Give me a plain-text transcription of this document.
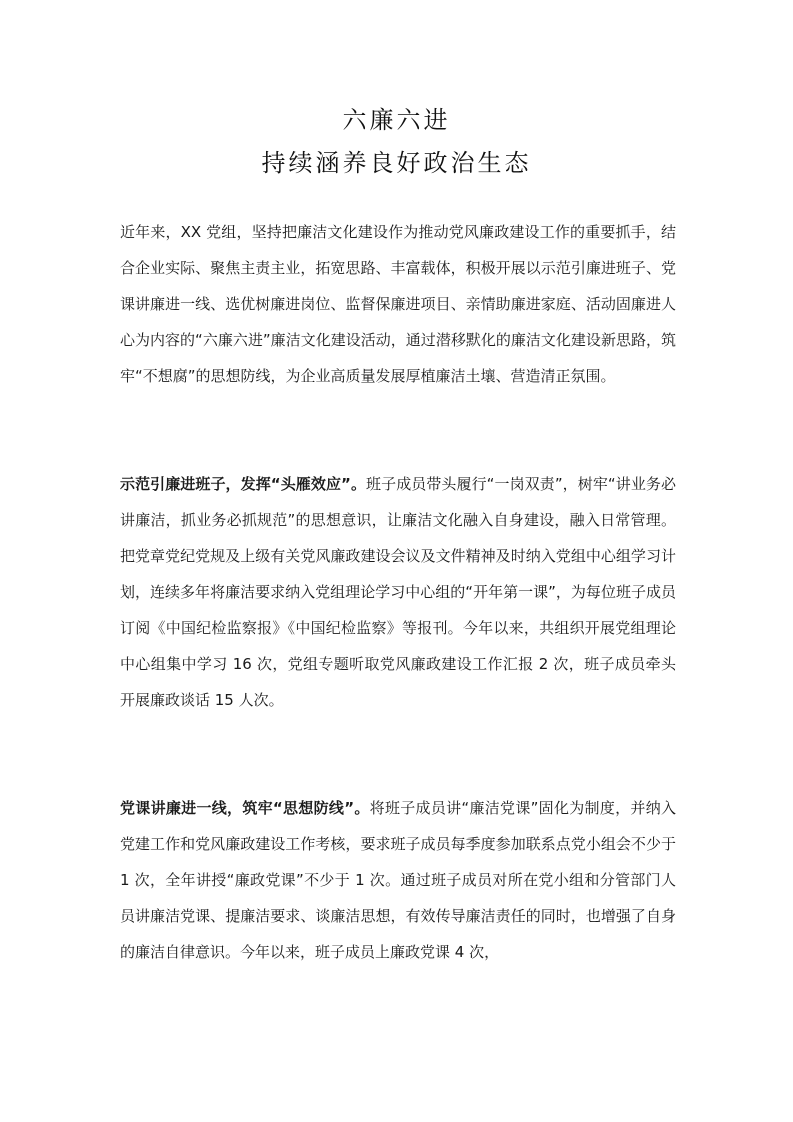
六廉六进
持续涵养良好政治生态
近年来，XX 党组，坚持把廉洁文化建设作为推动党风廉政建设工作的重要抓手，结合企业实际、聚焦主责主业，拓宽思路、丰富载体，积极开展以示范引廉进班子、党课讲廉进一线、选优树廉进岗位、监督保廉进项目、亲情助廉进家庭、活动固廉进人心为内容的“六廉六进”廉洁文化建设活动，通过潜移默化的廉洁文化建设新思路，筑牢“不想腐”的思想防线，为企业高质量发展厚植廉洁土壤、营造清正氛围。
示范引廉进班子，发挥“头雁效应”。班子成员带头履行“一岗双责”，树牢“讲业务必讲廉洁，抓业务必抓规范”的思想意识，让廉洁文化融入自身建设，融入日常管理。把党章党纪党规及上级有关党风廉政建设会议及文件精神及时纳入党组中心组学习计划，连续多年将廉洁要求纳入党组理论学习中心组的“开年第一课”，为每位班子成员订阅《中国纪检监察报》《中国纪检监察》等报刊。今年以来，共组织开展党组理论中心组集中学习 16 次，党组专题听取党风廉政建设工作汇报 2 次，班子成员牵头开展廉政谈话 15 人次。
党课讲廉进一线，筑牢“思想防线”。将班子成员讲“廉洁党课”固化为制度，并纳入党建工作和党风廉政建设工作考核，要求班子成员每季度参加联系点党小组会不少于 1 次，全年讲授“廉政党课”不少于 1 次。通过班子成员对所在党小组和分管部门人员讲廉洁党课、提廉洁要求、谈廉洁思想，有效传导廉洁责任的同时，也增强了自身的廉洁自律意识。今年以来，班子成员上廉政党课 4 次，
